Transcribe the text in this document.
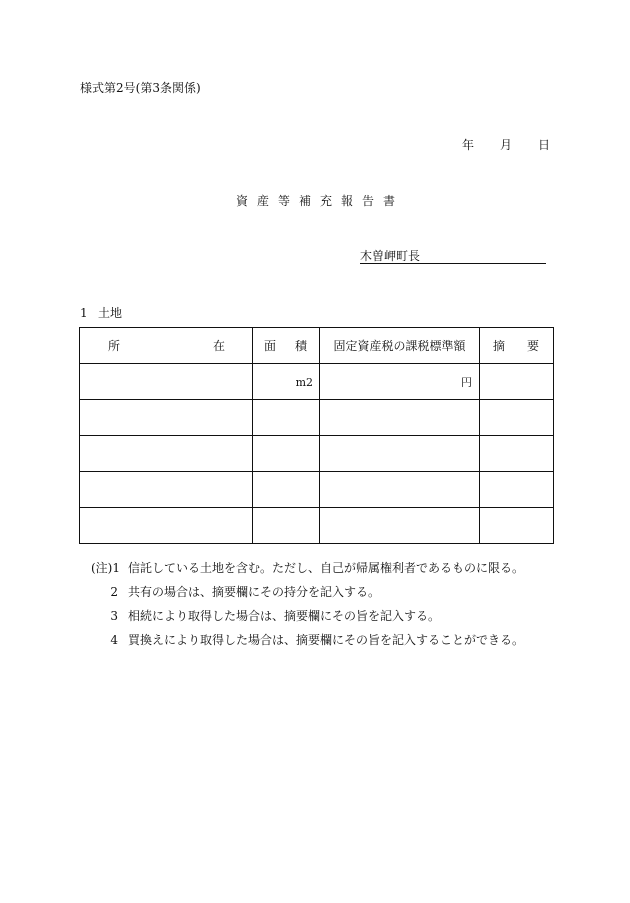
様式第2号(第3条関係)
年 月 日
資産等補充報告書
木曽岬町長
1 土地
所 在	面 積	固定資産税の課税標準額	摘 要

	m2	円	

(注)1 信託している土地を含む。ただし、自己が帰属権利者であるものに限る。
2 共有の場合は、摘要欄にその持分を記入する。
3 相続により取得した場合は、摘要欄にその旨を記入する。
4 買換えにより取得した場合は、摘要欄にその旨を記入することができる。
